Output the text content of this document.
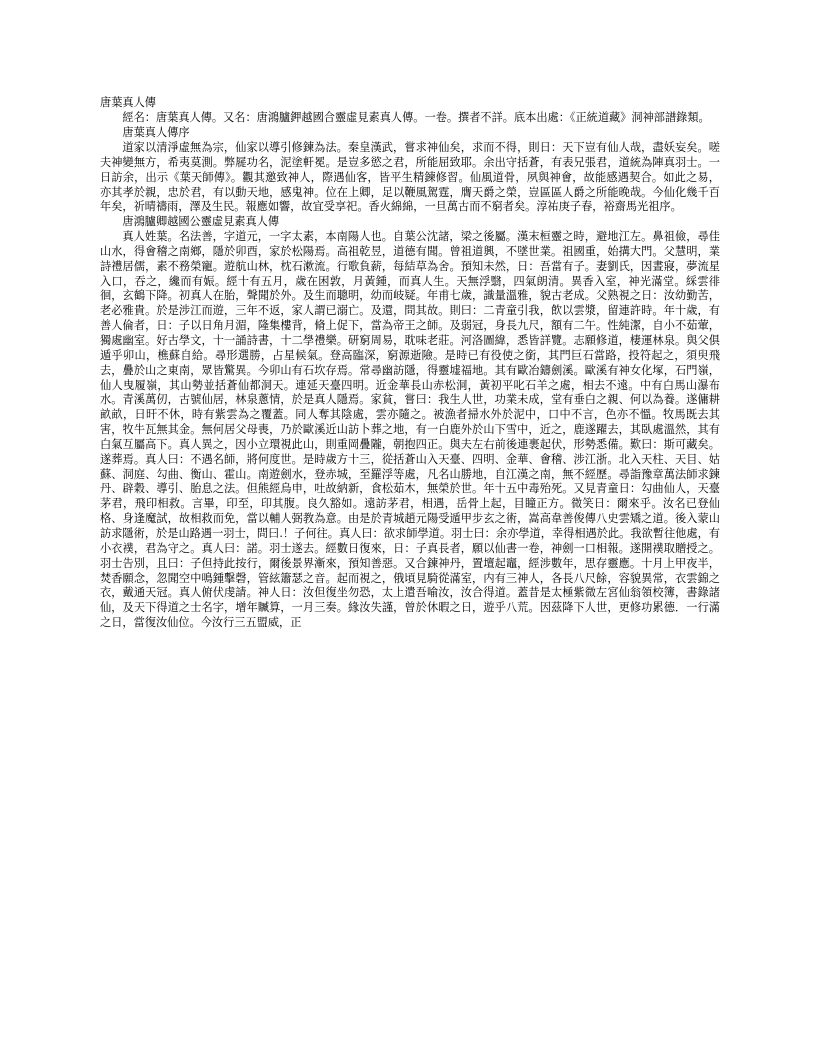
唐葉真人傳

經名：唐葉真人傳。又名：唐鴻臚鉀越國合靈虛見素真人傳。一卷。撰者不詳。底本出處：《正統道藏》洞神部譜錄類。

唐葉真人傳序

道家以清淨虛無為宗，仙家以導引修鍊為法。秦皇漢武，嘗求神仙矣，求而不得，則日：天下豈有仙人哉，盡妖妄矣。嗟夫神變無方，希夷莫測。弊屣功名，泥塗軒冕。是豈多慾之君，所能屈致耶。余出守括蒼，有表兄張君，道統為陣真羽士。一日訪余，出示《葉天師傳》。觀其邀致神人，際遇仙客，皆平生精鍊修習。仙風道骨，夙與神會，故能感遇契合。如此之易，亦其孝於親，忠於君，有以動天地，感鬼神。位在上卿，足以鞭風駕霆，膺天爵之榮，豈區區人爵之所能晚哉。今仙化幾千百年矣，祈晴禱雨，澤及生民。報應如響，故宜受享祀。香火綿綿，一旦萬古而不窮者矣。淳祐庚子春，裕齋馬光祖序。

唐鴻臚卿越國公靈虛見素真人傳

真人姓葉。名法善，字道元，一字太素，本南陽人也。自葉公沈諸，梁之後屬。漢末桓靈之時，避地江左。鼻祖儉，尋佳山水，得會稽之南鄉，隱於卯酉，家於松陽焉。高祖乾昱，道德有聞。曾祖道興，不墜世業。祖國重，始搆大門。父慧明，業詩禮居儒，素不務榮寵。遊航山林，枕石漱流。行歌負薪，每結草為舍。預知未然，日：吾當有子。妻劉氏，因晝寢，夢流星入口，吞之，纔而有娠。經十有五月，歲在困敦，月黃鍾，而真人生。天無浮翳，四氣朗清。異香入室，神光滿堂。綵雲徘徊，玄鶴下降。初真人在胎，聲聞於外。及生而聰明，幼而岐疑。年甫七歲，識量溫雅，貌古老成。父熟視之日：汝幼勤苦，老必雅貴。於是涉江而遊，三年不返，家人謂已溺亡。及還，問其故。則曰：二青童引我，飲以雲漿，留連許時。年十歲，有善人倫者，日：子以日角月湄，隆集樓背，脩上促下，當為帝王之師。及弱冠，身長九尺，額有二午。性純潔，自小不茹葷，獨處幽室。好古學文，十一誦詩書，十二學禮樂。研窮周易，耽味老莊。河洛圖緯，悉皆詳覽。志願修道，棲運林泉。與父俱遁乎卯山，樵蘇自給。尋形選勝，占星候氣。登高臨深，窮源逝險。是時已有役使之銜，其門巨石當路，投符起之，須臾飛去，疊於山之東南，眾皆驚異。今卯山有石坎存焉。常尋幽訪隱，得靈墟福地。其有歐冶鑄劍溪。歐溪有神女化塚，石門嶺，仙人曳履嶺，其山勢並括蒼仙都洞天。連延天臺四明。近金華長山赤松洞，黃初平叱石羊之處，相去不遠。中有白馬山瀑布水。青溪萬仞，古號仙居，林泉蔥情，於是真人隱焉。家貧，嘗曰：我生人世，功業未成，堂有垂白之親、何以為養。遂傭耕畝畝，日旰不休，時有紫雲為之覆蓋。同人奪其陰處，雲亦隨之。被漁者掃水外於泥中，口中不言，色亦不慍。牧馬既去其害，牧牛瓦無其金。無何居父母喪，乃於歐溪近山訪卜葬之地，有一白鹿外於山下雪中，近之，鹿遂躍去，其臥處溫然，其有白氣互屬高下。真人異之，因小立環視此山，則重岡疊隴，朝抱四正。與夫左右前後連裹起伏，形勢悉備。歎曰：斯可藏矣。遂葬焉。真人曰：不遇名師，將何度世。是時歲方十三，從括蒼山入天臺、四明、金華、會稽、涉江浙。北入天柱、天目、姑蘇、洞庭、勾曲、衡山、霍山。南遊劍水，登赤城，至羅浮等處，凡名山勝地，自江漢之南，無不經歷。尋詣豫章萬法師求鍊丹、辟穀、導引、胎息之法。但熊經烏申，吐故納新，食松茹木，無榮於世。年十五中毒殆死。又見青童日：勾曲仙人，天臺茅君，飛印相救。言畢，印至，印其腹。良久豁如。遠訪茅君，相遇，岳骨上起，目瞳正方。微笑日：爾來乎。汝名已登仙格、身逢魔試，故相救而免，當以輔人弼教為意。由是於青城趙元陽受遁甲步玄之術，嵩高韋善俊傳八史雲矯之道。後入蒙山訪求隱術，於是山路遇一羽士，問曰.！子何往。真人曰：欲求師學道。羽士曰：余亦學道，幸得相遇於此。我欲暫往他處，有小衣襆，君為守之。真人曰：諾。羽士遂去。經數日復來，日：子真長者，願以仙書一卷，神劍一口相報。遂開襆取贈授之。羽士告別，且曰：子但持此按行，爾後景界漸來，預知善惡。又合鍊神丹，置壇起竈，經涉數年，思存靈應。十月上甲夜半，焚香願念，忽聞空中鳴鍾擊磬，管絃簫瑟之音。起而視之，俄頃見騎從滿室，内有三神人，各長八尺餘，容貌異常，衣雲錦之衣，戴通天冠。真人俯伏虔請。神人日：汝但復坐勿恐，太上遣吾喻汝，汝合得道。蓋昔是太極紫微左宮仙翁領校簿，書錄諸仙，及天下得道之士名字，增年贓算，一月三奏。緣汝失謹，曾於休暇之日，遊乎八荒。因茲降下人世，更修功累德．一行滿之日，當復汝仙位。今汝行三五盟威，正
